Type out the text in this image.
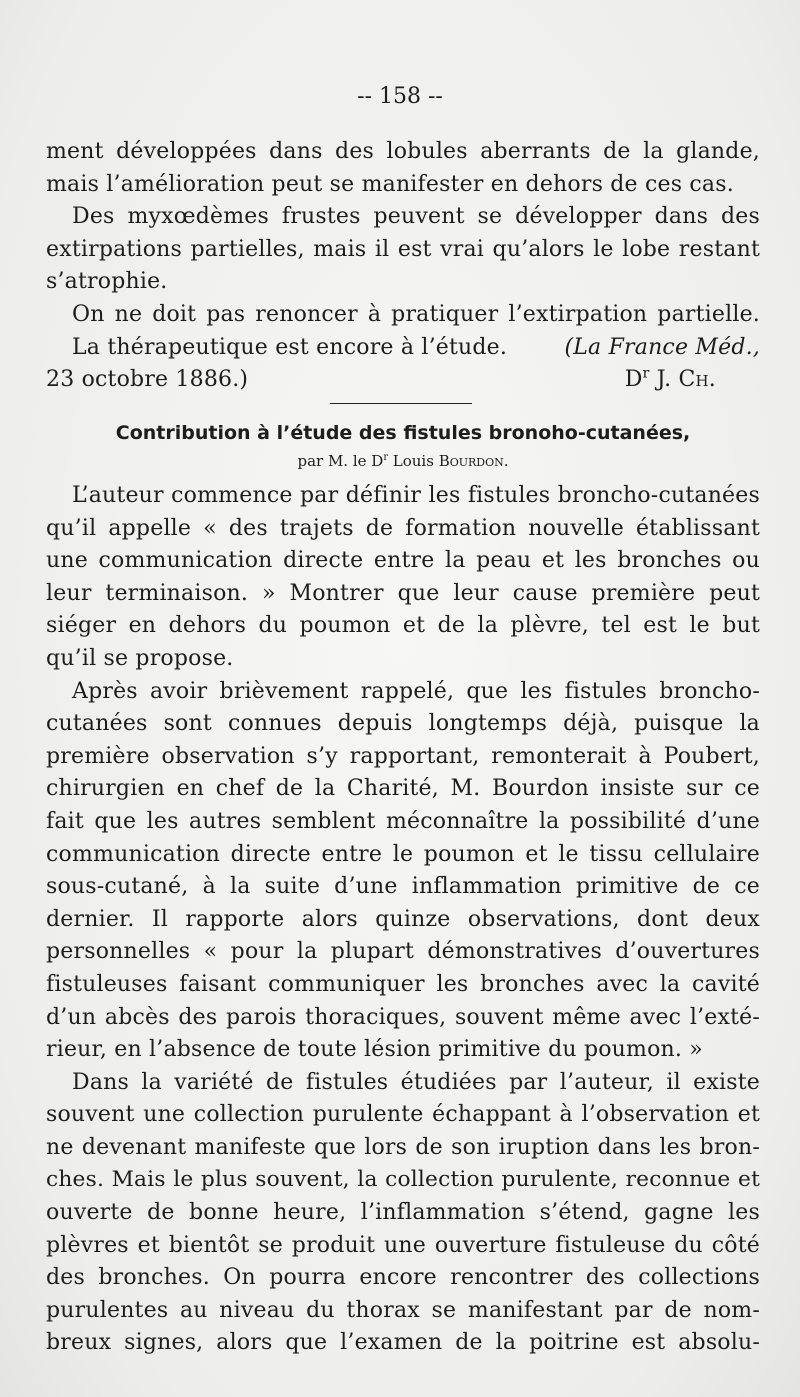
-- 158 --
ment développées dans des lobules aberrants de la glande,
mais l’amélioration peut se manifester en dehors de ces cas.
Des myxœdèmes frustes peuvent se développer dans des
extirpations partielles, mais il est vrai qu’alors le lobe restant
s’atrophie.
On ne doit pas renoncer à pratiquer l’extirpation partielle.
La thérapeutique est encore à l’étude.	(La France Méd.,
23 octobre 1886.)	$D^r$ J. Ch.
Contribution à l’étude des fistules bronoho-cutanées,
par M. le $D^r$ Louis Bourdon.
L’auteur commence par définir les fistules broncho-cutanées
qu’il appelle « des trajets de formation nouvelle établissant
une communication directe entre la peau et les bronches ou
leur terminaison. » Montrer que leur cause première peut
siéger en dehors du poumon et de la plèvre, tel est le but
qu’il se propose.
Après avoir brièvement rappelé, que les fistules broncho-
cutanées sont connues depuis longtemps déjà, puisque la
première observation s’y rapportant, remonterait à Poubert,
chirurgien en chef de la Charité, M. Bourdon insiste sur ce
fait que les autres semblent méconnaître la possibilité d’une
communication directe entre le poumon et le tissu cellulaire
sous-cutané, à la suite d’une inflammation primitive de ce
dernier. Il rapporte alors quinze observations, dont deux
personnelles « pour la plupart démonstratives d’ouvertures
fistuleuses faisant communiquer les bronches avec la cavité
d’un abcès des parois thoraciques, souvent même avec l’exté-
rieur, en l’absence de toute lésion primitive du poumon. »
Dans la variété de fistules étudiées par l’auteur, il existe
souvent une collection purulente échappant à l’observation et
ne devenant manifeste que lors de son iruption dans les bron-
ches. Mais le plus souvent, la collection purulente, reconnue et
ouverte de bonne heure, l’inflammation s’étend, gagne les
plèvres et bientôt se produit une ouverture fistuleuse du côté
des bronches. On pourra encore rencontrer des collections
purulentes au niveau du thorax se manifestant par de nom-
breux signes, alors que l’examen de la poitrine est absolu-
